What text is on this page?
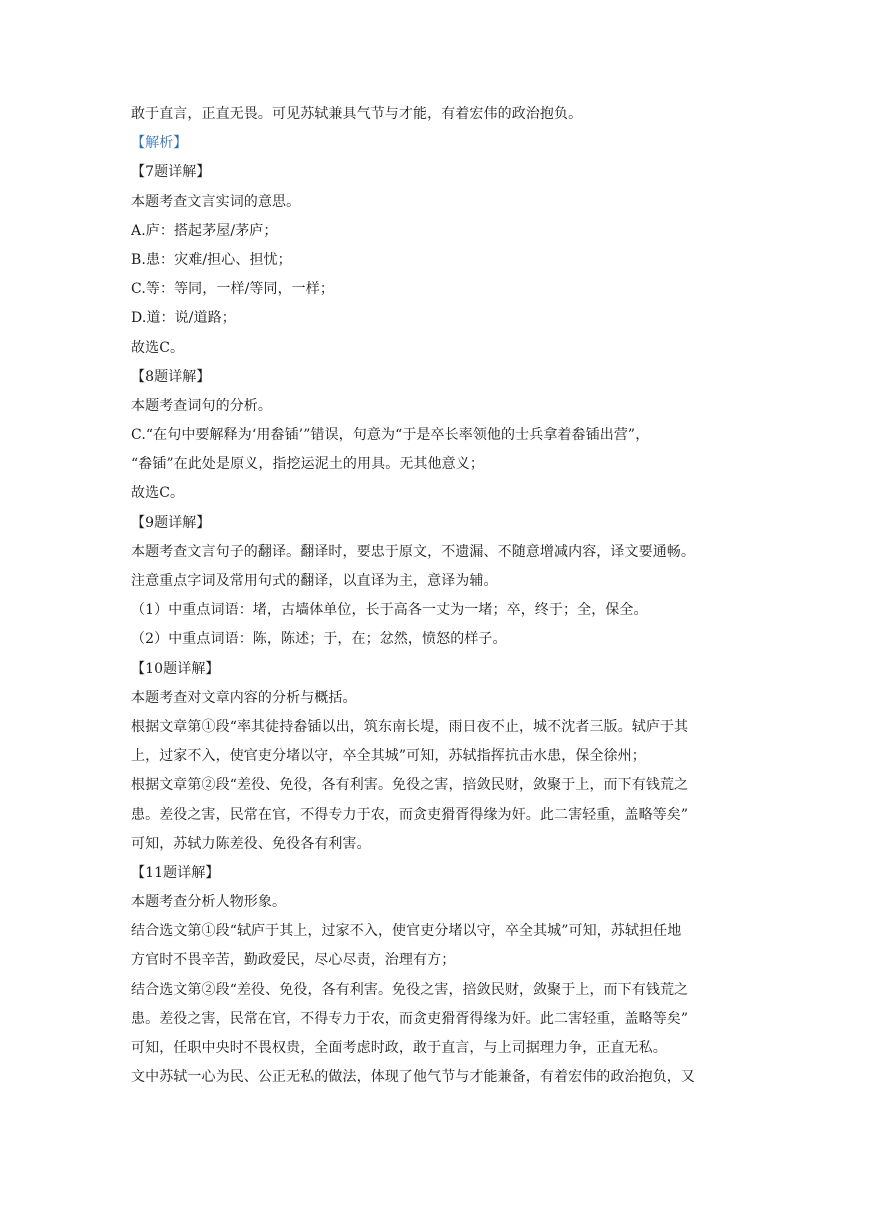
敢于直言，正直无畏。可见苏轼兼具气节与才能，有着宏伟的政治抱负。
【解析】
【7题详解】
本题考查文言实词的意思。
A.庐：搭起茅屋/茅庐；
B.患：灾难/担心、担忧；
C.等：等同，一样/等同，一样；
D.道：说/道路；
故选C。
【8题详解】
本题考查词句的分析。
C.“在句中要解释为‘用畚锸’”错误，句意为“于是卒长率领他的士兵拿着畚锸出营”，
“畚锸”在此处是原义，指挖运泥土的用具。无其他意义；
故选C。
【9题详解】
本题考查文言句子的翻译。翻译时，要忠于原文，不遗漏、不随意增减内容，译文要通畅。
注意重点字词及常用句式的翻译，以直译为主，意译为辅。
（1）中重点词语：堵，古墙体单位，长于高各一丈为一堵；卒，终于；全，保全。
（2）中重点词语：陈，陈述；于，在；忿然，愤怒的样子。
【10题详解】
本题考查对文章内容的分析与概括。
根据文章第①段“率其徒持畚锸以出，筑东南长堤，雨日夜不止，城不沈者三版。轼庐于其
上，过家不入，使官吏分堵以守，卒全其城”可知，苏轼指挥抗击水患，保全徐州；
根据文章第②段“差役、免役，各有利害。免役之害，掊敛民财，敛聚于上，而下有钱荒之
患。差役之害，民常在官，不得专力于农，而贪吏猾胥得缘为奸。此二害轻重，盖略等矣”
可知，苏轼力陈差役、免役各有利害。
【11题详解】
本题考查分析人物形象。
结合选文第①段“轼庐于其上，过家不入，使官吏分堵以守，卒全其城”可知，苏轼担任地
方官时不畏辛苦，勤政爱民，尽心尽责，治理有方；
结合选文第②段“差役、免役，各有利害。免役之害，掊敛民财，敛聚于上，而下有钱荒之
患。差役之害，民常在官，不得专力于农，而贪吏猾胥得缘为奸。此二害轻重，盖略等矣”
可知，任职中央时不畏权贵，全面考虑时政，敢于直言，与上司据理力争，正直无私。
文中苏轼一心为民、公正无私的做法，体现了他气节与才能兼备，有着宏伟的政治抱负，又
